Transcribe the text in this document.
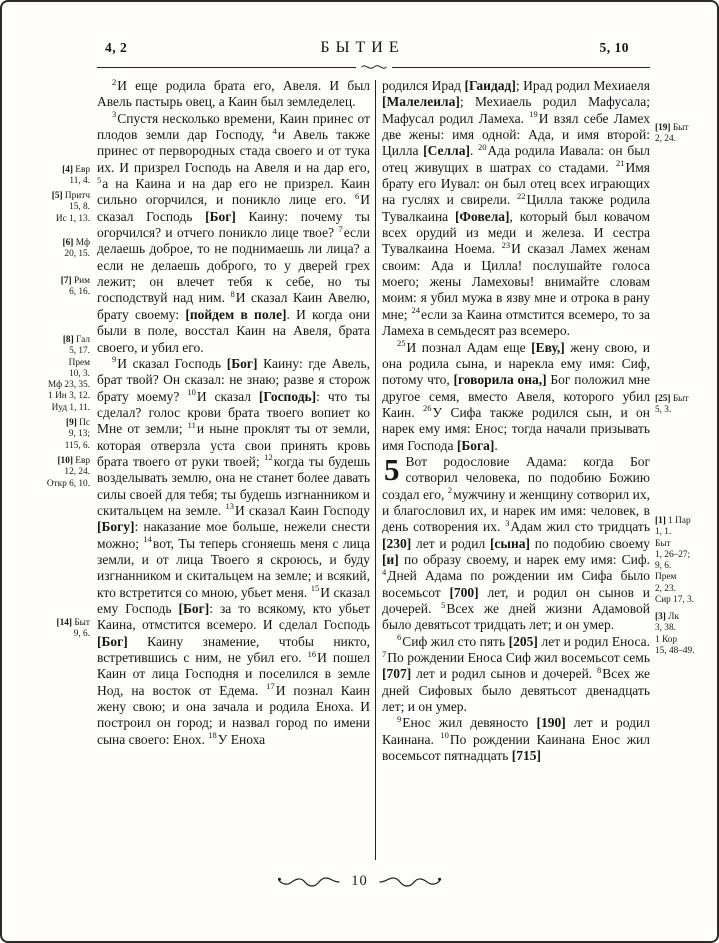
4, 2	БЫТИЕ	5, 10
[4] Евр
11, 4.
[5] Притч
15, 8.
Ис 1, 13.
[6] Мф
20, 15.
[7] Рим
6, 16.
[8] Гал
5, 17.
Прем
10, 3.
Мф 23, 35.
1 Ин 3, 12.
Иуд 1, 11.
[9] Пс
9, 13;
115, 6.
[10] Евр
12, 24.
Откр 6, 10.
[14] Быт
9, 6.

$^2$И еще родила брата его, Авеля. И был Авель пастырь овец, а Каин был земледелец.

$^3$Спустя несколько времени, Каин принес от плодов земли дар Господу, $^4$и Авель также принес от первородных стада своего и от тука их. И призрел Господь на Авеля и на дар его, $^5$а на Каина и на дар его не призрел. Каин сильно огорчился, и поникло лице его. $^6$И сказал Господь [Бог] Каину: почему ты огорчился? и отчего поникло лице твое? $^7$если делаешь доброе, то не поднимаешь ли лица? а если не делаешь доброго, то у дверей грех лежит; он влечет тебя к себе, но ты господствуй над ним. $^8$И сказал Каин Авелю, брату своему: [пойдем в поле]. И когда они были в поле, восстал Каин на Авеля, брата своего, и убил его.

$^9$И сказал Господь [Бог] Каину: где Авель, брат твой? Он сказал: не знаю; разве я сторож брату моему? $^{10}$И сказал [Господь]: что ты сделал? голос крови брата твоего вопиет ко Мне от земли; $^{11}$и ныне проклят ты от земли, которая отверзла уста свои принять кровь брата твоего от руки твоей; $^{12}$когда ты будешь возделывать землю, она не станет более давать силы своей для тебя; ты будешь изгнанником и скитальцем на земле. $^{13}$И сказал Каин Господу [Богу]: наказание мое больше, нежели снести можно; $^{14}$вот, Ты теперь сгоняешь меня с лица земли, и от лица Твоего я скроюсь, и буду изгнанником и скитальцем на земле; и всякий, кто встретится со мною, убьет меня. $^{15}$И сказал ему Господь [Бог]: за то всякому, кто убьет Каина, отмстится всемеро. И сделал Господь [Бог] Каину знамение, чтобы никто, встретившись с ним, не убил его. $^{16}$И пошел Каин от лица Господня и поселился в земле Нод, на восток от Едема. $^{17}$И познал Каин жену свою; и она зачала и родила Еноха. И построил он город; и назвал город по имени сына своего: Енох. $^{18}$У Еноха

родился Ирад [Гаидад]; Ирад родил Мехиаеля [Малелеила]; Мехиаель родил Мафусала; Мафусал родил Ламеха. $^{19}$И взял себе Ламех две жены: имя одной: Ада, и имя второй: Цилла [Селла]. $^{20}$Ада родила Иавала: он был отец живущих в шатрах со стадами. $^{21}$Имя брату его Иувал: он был отец всех играющих на гуслях и свирели. $^{22}$Цилла также родила Тувалкаина [Фовела], который был ковачом всех орудий из меди и железа. И сестра Тувалкаина Ноема. $^{23}$И сказал Ламех женам своим: Ада и Цилла! послушайте голоса моего; жены Ламеховы! внимайте словам моим: я убил мужа в язву мне и отрока в рану мне; $^{24}$если за Каина отмстится всемеро, то за Ламеха в семьдесят раз всемеро.

$^{25}$И познал Адам еще [Еву,] жену свою, и она родила сына, и нарекла ему имя: Сиф, потому что, [говорила она,] Бог положил мне другое семя, вместо Авеля, которого убил Каин. $^{26}$У Сифа также родился сын, и он нарек ему имя: Енос; тогда начали призывать имя Господа [Бога].

5 Вот родословие Адама: когда Бог сотворил человека, по подобию Божию создал его, $^2$мужчину и женщину сотворил их, и благословил их, и нарек им имя: человек, в день сотворения их. $^3$Адам жил сто тридцать [230] лет и родил [сына] по подобию своему [и] по образу своему, и нарек ему имя: Сиф. $^4$Дней Адама по рождении им Сифа было восемьсот [700] лет, и родил он сынов и дочерей. $^5$Всех же дней жизни Адамовой было девятьсот тридцать лет; и он умер.

$^6$Сиф жил сто пять [205] лет и родил Еноса. $^7$По рождении Еноса Сиф жил восемьсот семь [707] лет и родил сынов и дочерей. $^8$Всех же дней Сифовых было девятьсот двенадцать лет; и он умер.

$^9$Енос жил девяносто [190] лет и родил Каинана. $^{10}$По рождении Каинана Енос жил восемьсот пятнадцать [715]

[19] Быт
2, 24.
[25] Быт
5, 3.
[1] 1 Пар
1, 1.
Быт
1, 26–27;
9, 6.
Прем
2, 23.
Сир 17, 3.
[3] Лк
3, 38.
1 Кор
15, 48–49.
10
